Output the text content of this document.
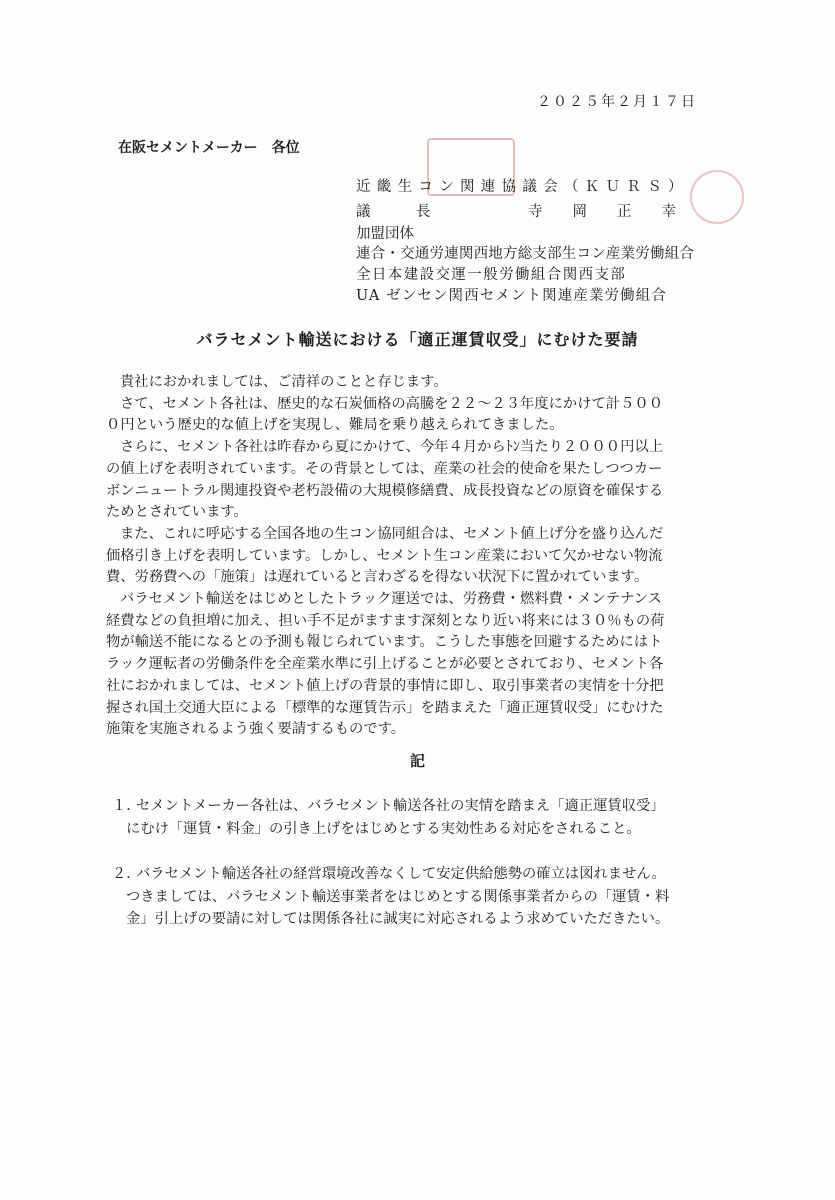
２０２５年２月１７日
在阪セメントメーカー　各位
近畿生コン関連協議会（ＫＵＲＳ）
議	長	寺岡正幸
加盟団体
連合・交通労連関西地方総支部生コン産業労働組合
全日本建設交運一般労働組合関西支部
UA ゼンセン関西セメント関連産業労働組合
バラセメント輸送における「適正運賃収受」にむけた要請

貴社におかれましては、ご清祥のことと存じます。

さて、セメント各社は、歴史的な石炭価格の高騰を２２～２３年度にかけて計５００

０円という歴史的な値上げを実現し、難局を乗り越えられてきました。

さらに、セメント各社は昨春から夏にかけて、今年４月からﾄﾝ当たり２０００円以上

の値上げを表明されています。その背景としては、産業の社会的使命を果たしつつカー

ボンニュートラル関連投資や老朽設備の大規模修繕費、成長投資などの原資を確保する

ためとされています。

また、これに呼応する全国各地の生コン協同組合は、セメント値上げ分を盛り込んだ

価格引き上げを表明しています。しかし、セメント生コン産業において欠かせない物流

費、労務費への「施策」は遅れていると言わざるを得ない状況下に置かれています。

バラセメント輸送をはじめとしたトラック運送では、労務費・燃料費・メンテナンス

経費などの負担増に加え、担い手不足がますます深刻となり近い将来には３０％もの荷

物が輸送不能になるとの予測も報じられています。こうした事態を回避するためにはト

ラック運転者の労働条件を全産業水準に引上げることが必要とされており、セメント各

社におかれましては、セメント値上げの背景的事情に即し、取引事業者の実情を十分把

握され国土交通大臣による「標準的な運賃告示」を踏まえた「適正運賃収受」にむけた

施策を実施されるよう強く要請するものです。

記

１．セメントメーカー各社は、バラセメント輸送各社の実情を踏まえ「適正運賃収受」

にむけ「運賃・料金」の引き上げをはじめとする実効性ある対応をされること。

２．バラセメント輸送各社の経営環境改善なくして安定供給態勢の確立は図れません。

つきましては、バラセメント輸送事業者をはじめとする関係事業者からの「運賃・料

金」引上げの要請に対しては関係各社に誠実に対応されるよう求めていただきたい。
